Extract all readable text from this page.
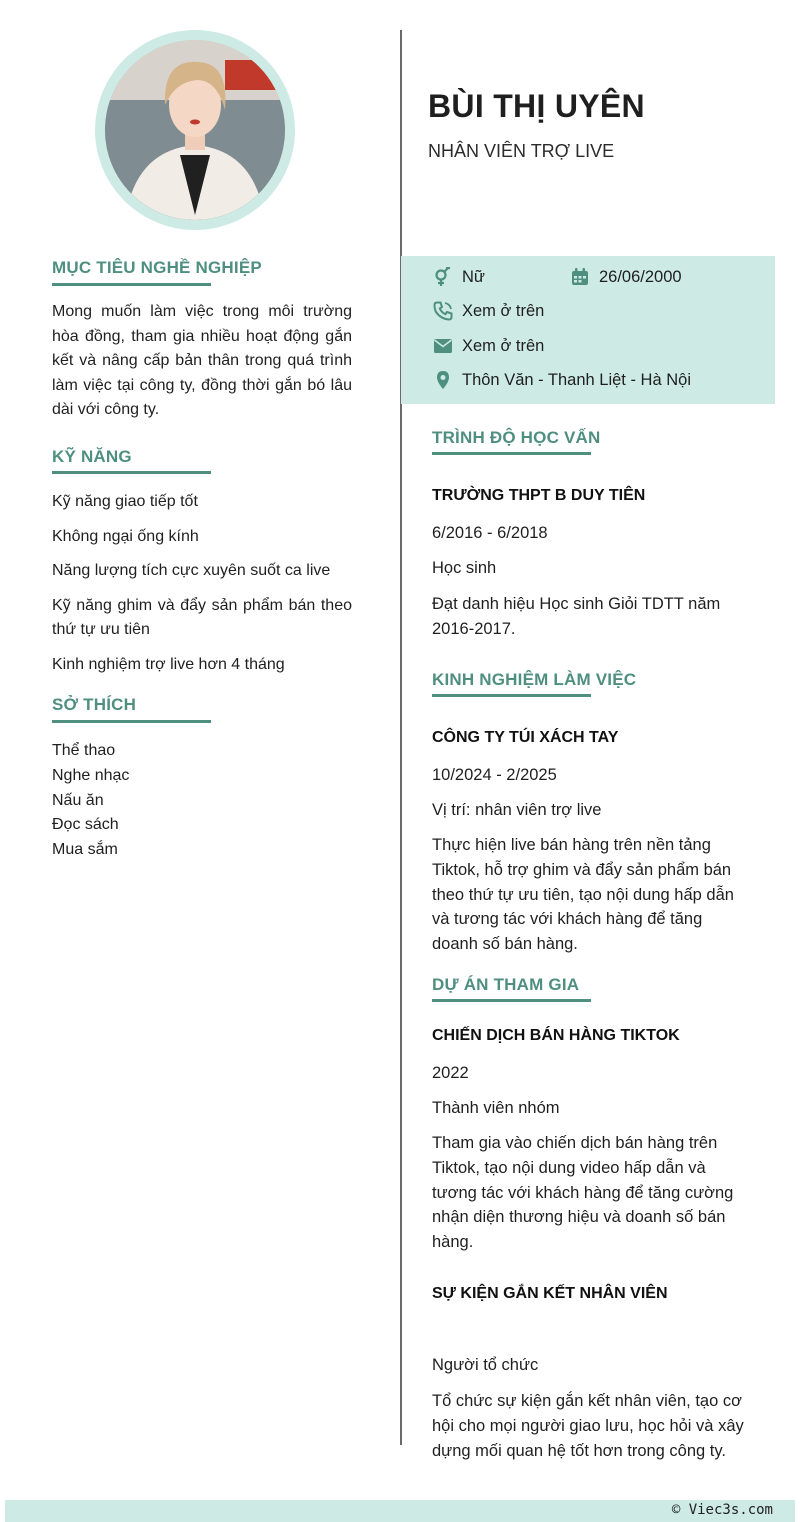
MỤC TIÊU NGHỀ NGHIỆP

Mong muốn làm việc trong môi trường hòa đồng, tham gia nhiều hoạt động gắn kết và nâng cấp bản thân trong quá trình làm việc tại công ty, đồng thời gắn bó lâu dài với công ty.

KỸ NĂNG
Kỹ năng giao tiếp tốt
Không ngại ống kính
Năng lượng tích cực xuyên suốt ca live
Kỹ năng ghim và đẩy sản phẩm bán theo thứ tự ưu tiên
Kinh nghiệm trợ live hơn 4 tháng
SỞ THÍCH
Thể thao
Nghe nhạc
Nấu ăn
Đọc sách
Mua sắm
BÙI THỊ UYÊN
NHÂN VIÊN TRỢ LIVE
Nữ	26/06/2000
Xem ở trên
Xem ở trên
Thôn Văn - Thanh Liệt - Hà Nội
TRÌNH ĐỘ HỌC VẤN
TRƯỜNG THPT B DUY TIÊN
6/2016 - 6/2018
Học sinh
Đạt danh hiệu Học sinh Giỏi TDTT năm 2016-2017.
KINH NGHIỆM LÀM VIỆC
CÔNG TY TÚI XÁCH TAY
10/2024 - 2/2025
Vị trí: nhân viên trợ live
Thực hiện live bán hàng trên nền tảng Tiktok, hỗ trợ ghim và đẩy sản phẩm bán theo thứ tự ưu tiên, tạo nội dung hấp dẫn và tương tác với khách hàng để tăng doanh số bán hàng.
DỰ ÁN THAM GIA
CHIẾN DỊCH BÁN HÀNG TIKTOK
2022
Thành viên nhóm
Tham gia vào chiến dịch bán hàng trên Tiktok, tạo nội dung video hấp dẫn và tương tác với khách hàng để tăng cường nhận diện thương hiệu và doanh số bán hàng.
SỰ KIỆN GẮN KẾT NHÂN VIÊN
Người tổ chức
Tổ chức sự kiện gắn kết nhân viên, tạo cơ hội cho mọi người giao lưu, học hỏi và xây dựng mối quan hệ tốt hơn trong công ty.
© Viec3s.com
